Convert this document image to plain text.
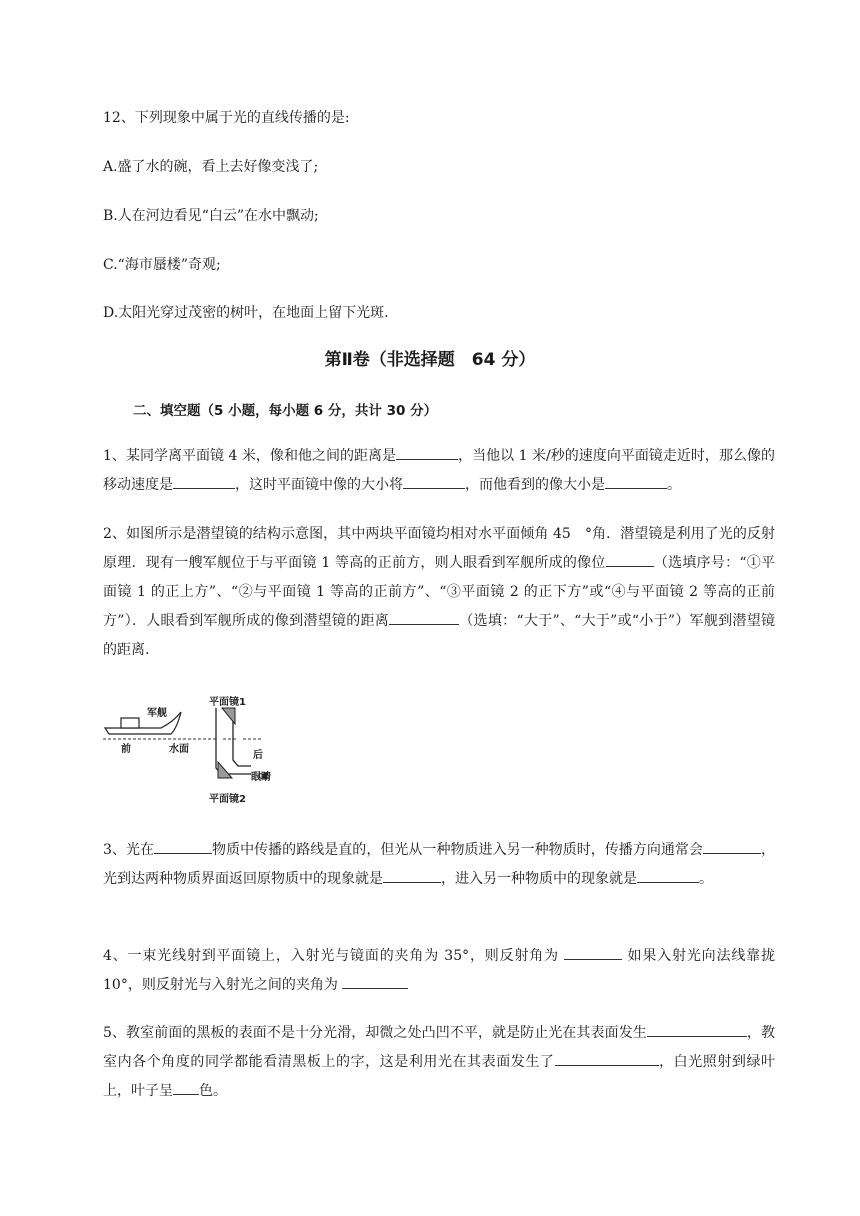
12、下列现象中属于光的直线传播的是:
A.盛了水的碗，看上去好像变浅了;
B.人在河边看见“白云”在水中飘动;
C.“海市蜃楼”奇观;
D.太阳光穿过茂密的树叶，在地面上留下光斑.
第Ⅱ卷（非选择题　64 分）
二、填空题（5 小题，每小题 6 分，共计 30 分）
1、某同学离平面镜 4 米，像和他之间的距离是	，当他以 1 米/秒的速度向平面镜走近时，那么像的移动速度是	，这时平面镜中像的大小将	，而他看到的像大小是	。
2、如图所示是潜望镜的结构示意图，其中两块平面镜均相对水平面倾角 45　°角．潜望镜是利用了光的反射原理．现有一艘军舰位于与平面镜 1 等高的正前方，则人眼看到军舰所成的像位	（选填序号：“①平面镜 1 的正上方”、“②与平面镜 1 等高的正前方”、“③平面镜 2 的正下方”或“④与平面镜 2 等高的正前方”）．人眼看到军舰所成的像到潜望镜的距离	（选填：“大于”、“大于”或“小于”）军舰到潜望镜的距离.
军舰
前	水面
平面镜1
后
眼睛
平面镜2
3、光在	物质中传播的路线是直的，但光从一种物质进入另一种物质时，传播方向通常会	，光到达两种物质界面返回原物质中的现象就是	，进入另一种物质中的现象就是	。
4、一束光线射到平面镜上，入射光与镜面的夹角为 35°，则反射角为	如果入射光向法线靠拢 10°，则反射光与入射光之间的夹角为
5、教室前面的黑板的表面不是十分光滑，却微之处凸凹不平，就是防止光在其表面发生	，教室内各个角度的同学都能看清黑板上的字，这是利用光在其表面发生了	，白光照射到绿叶上，叶子呈 色。
